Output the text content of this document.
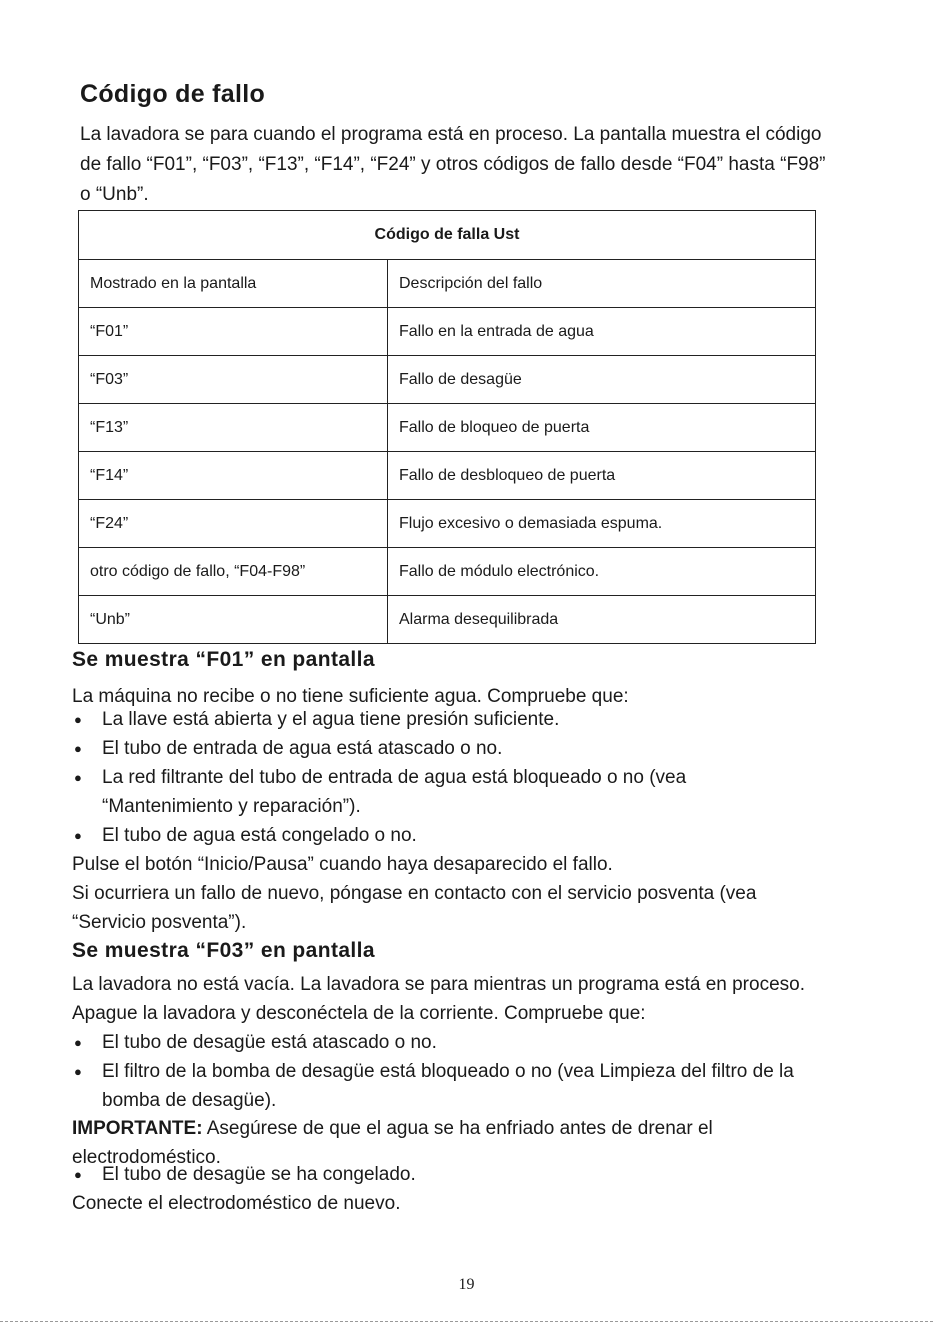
Código de fallo

La lavadora se para cuando el programa está en proceso. La pantalla muestra el código de fallo “F01”, “F03”, “F13”, “F14”, “F24” y otros códigos de fallo desde “F04” hasta “F98” o “Unb”.

Código de falla Ust	
Mostrado en la pantalla	Descripción del fallo
“F01”	Fallo en la entrada de agua
“F03”	Fallo de desagüe
“F13”	Fallo de bloqueo de puerta
“F14”	Fallo de desbloqueo de puerta
“F24”	Flujo excesivo o demasiada espuma.
otro código de fallo, “F04-F98”	Fallo de módulo electrónico.
“Unb”	Alarma desequilibrada
Se muestra “F01” en pantalla

La máquina no recibe o no tiene suficiente agua. Compruebe que:

● La llave está abierta y el agua tiene presión suficiente.
● El tubo de entrada de agua está atascado o no.
● La red filtrante del tubo de entrada de agua está bloqueado o no (vea “Mantenimiento y reparación”).
● El tubo de agua está congelado o no.

Pulse el botón “Inicio/Pausa” cuando haya desaparecido el fallo.

Si ocurriera un fallo de nuevo, póngase en contacto con el servicio posventa (vea “Servicio posventa”).

Se muestra “F03” en pantalla

La lavadora no está vacía. La lavadora se para mientras un programa está en proceso. Apague la lavadora y desconéctela de la corriente. Compruebe que:

● El tubo de desagüe está atascado o no.
● El filtro de la bomba de desagüe está bloqueado o no (vea Limpieza del filtro de la bomba de desagüe).

IMPORTANTE: Asegúrese de que el agua se ha enfriado antes de drenar el electrodoméstico.

● El tubo de desagüe se ha congelado.

Conecte el electrodoméstico de nuevo.

19
